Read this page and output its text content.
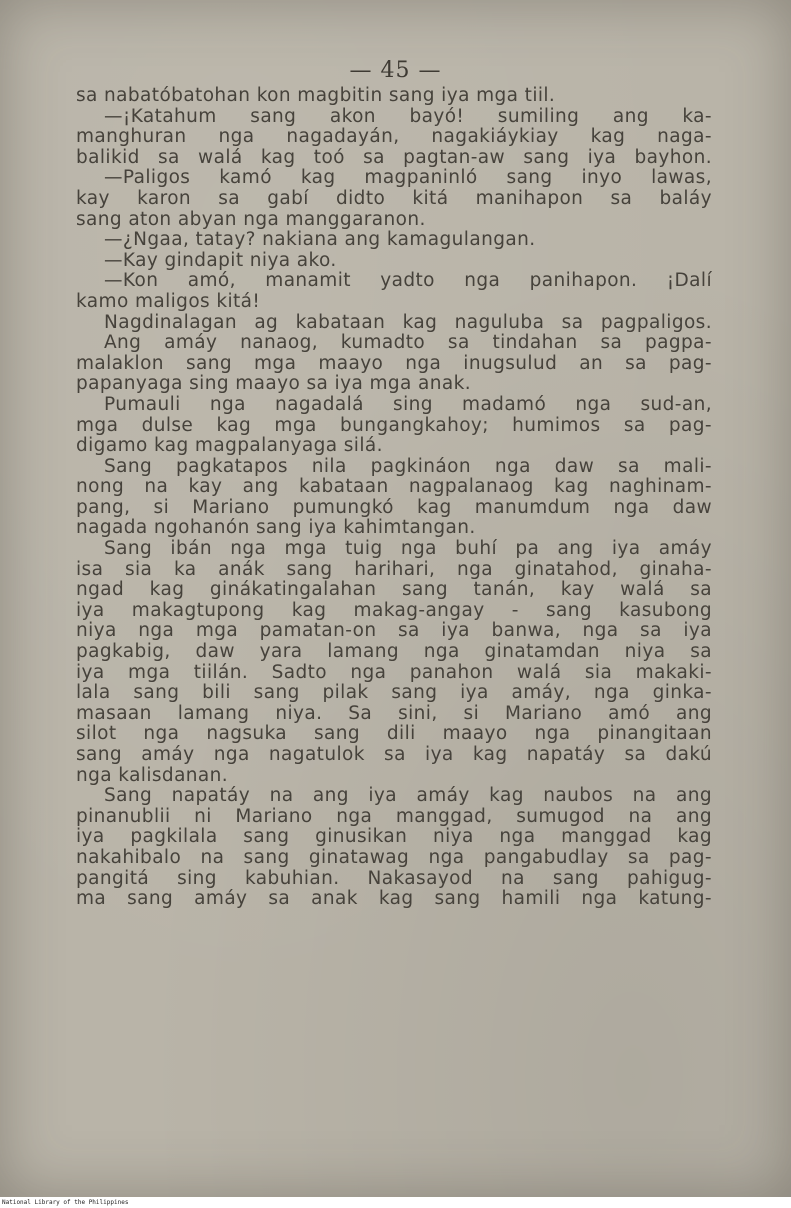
— 45 —
sa nabatóbatohan kon magbitin sang iya mga tiil.
—¡Katahum sang akon bayó! sumiling ang ka-
manghuran nga nagadayán, nagakiáykiay kag naga-
balikid sa walá kag toó sa pagtan-aw sang iya bayhon.
—Paligos kamó kag magpaninló sang inyo lawas,
kay karon sa gabí didto kitá manihapon sa baláy
sang aton abyan nga manggaranon.
—¿Ngaa, tatay? nakiana ang kamagulangan.
—Kay gindapit niya ako.
—Kon amó, manamit yadto nga panihapon. ¡Dalí
kamo maligos kitá!
Nagdinalagan ag kabataan kag naguluba sa pagpaligos.
Ang amáy nanaog, kumadto sa tindahan sa pagpa-
malaklon sang mga maayo nga inugsulud an sa pag-
papanyaga sing maayo sa iya mga anak.
Pumauli nga nagadalá sing madamó nga sud-an,
mga dulse kag mga bungangkahoy; humimos sa pag-
digamo kag magpalanyaga silá.
Sang pagkatapos nila pagkináon nga daw sa mali-
nong na kay ang kabataan nagpalanaog kag naghinam-
pang, si Mariano pumungkó kag manumdum nga daw
nagada ngohanón sang iya kahimtangan.
Sang ibán nga mga tuig nga buhí pa ang iya amáy
isa sia ka anák sang harihari, nga ginatahod, ginaha-
ngad kag ginákatingalahan sang tanán, kay walá sa
iya makagtupong kag makag-angay - sang kasubong
niya nga mga pamatan-on sa iya banwa, nga sa iya
pagkabig, daw yara lamang nga ginatamdan niya sa
iya mga tiilán. Sadto nga panahon walá sia makaki-
lala sang bili sang pilak sang iya amáy, nga ginka-
masaan lamang niya. Sa sini, si Mariano amó ang
silot nga nagsuka sang dili maayo nga pinangitaan
sang amáy nga nagatulok sa iya kag napatáy sa dakú
nga kalisdanan.
Sang napatáy na ang iya amáy kag naubos na ang
pinanublii ni Mariano nga manggad, sumugod na ang
iya pagkilala sang ginusikan niya nga manggad kag
nakahibalo na sang ginatawag nga pangabudlay sa pag-
pangitá sing kabuhian. Nakasayod na sang pahigug-
ma sang amáy sa anak kag sang hamili nga katung-
National Library of the Philippines
